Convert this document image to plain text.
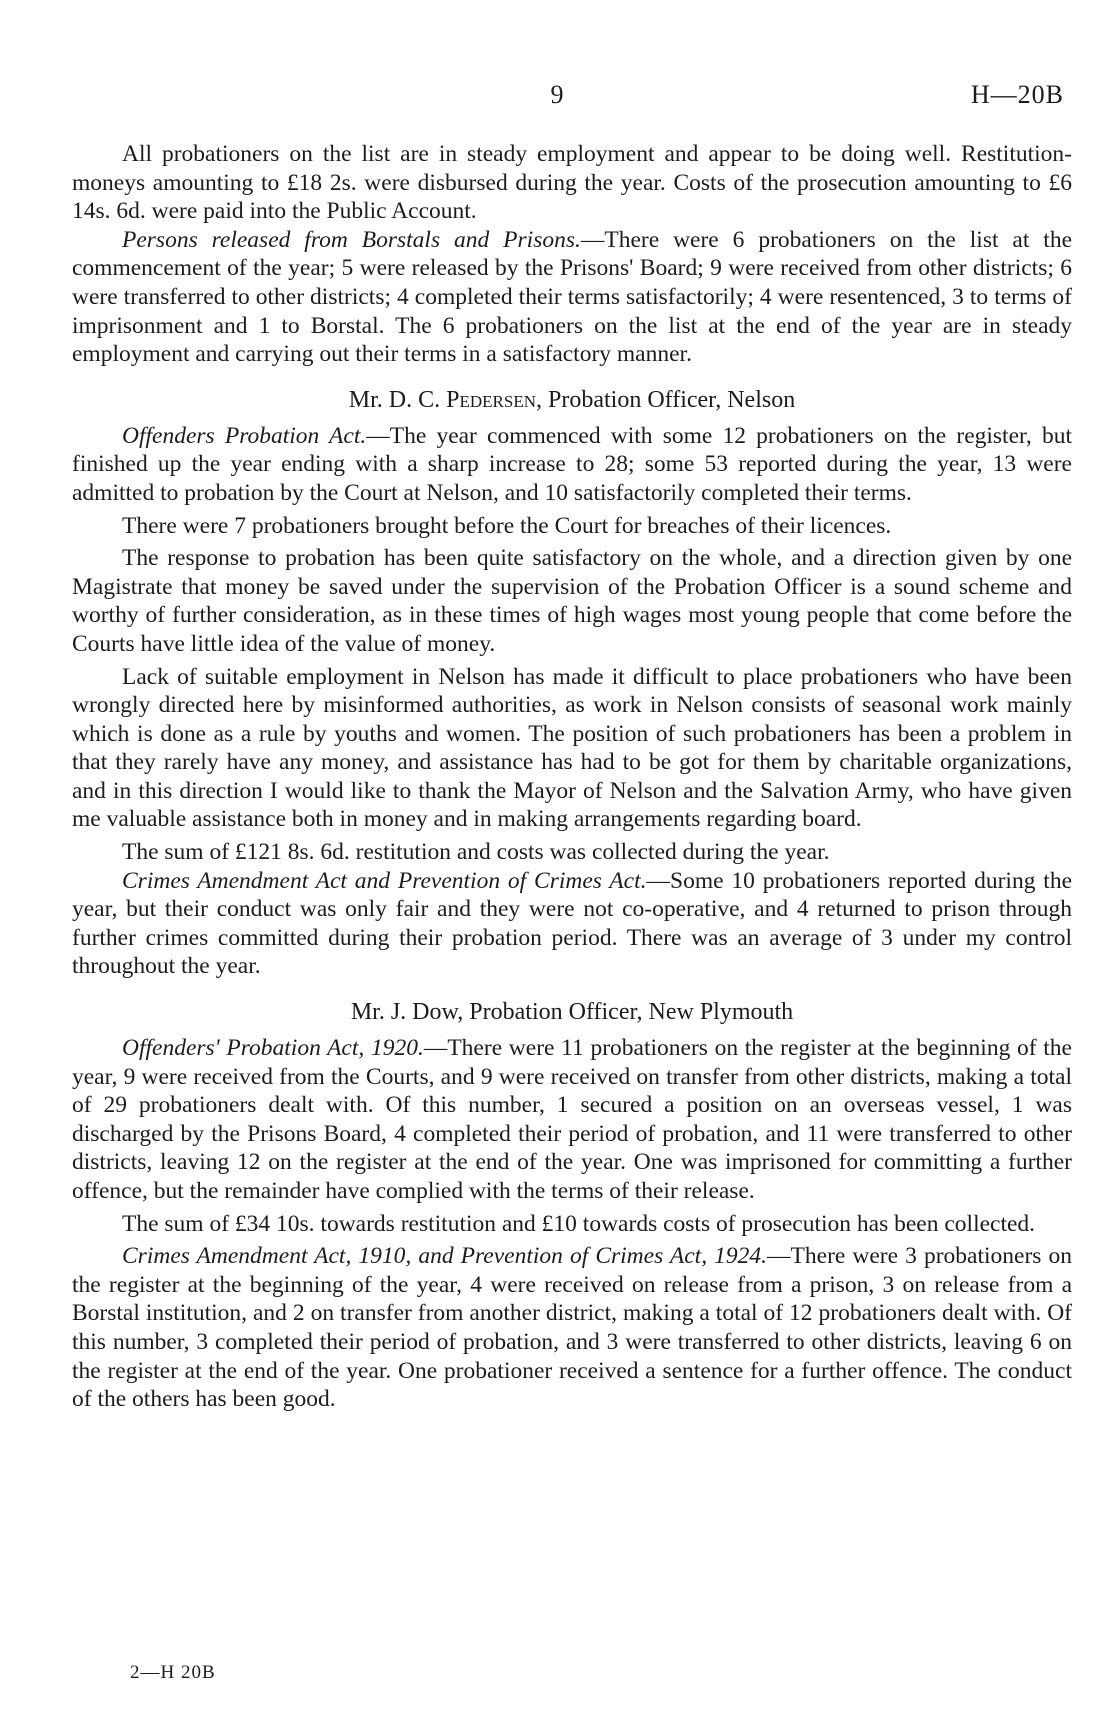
9	H—20B

All probationers on the list are in steady employment and appear to be doing well. Restitution-moneys amounting to £18 2s. were disbursed during the year. Costs of the prosecution amounting to £6 14s. 6d. were paid into the Public Account.

Persons released from Borstals and Prisons.—There were 6 probationers on the list at the commencement of the year; 5 were released by the Prisons' Board; 9 were received from other districts; 6 were transferred to other districts; 4 completed their terms satisfactorily; 4 were resentenced, 3 to terms of imprisonment and 1 to Borstal. The 6 probationers on the list at the end of the year are in steady employment and carrying out their terms in a satisfactory manner.

Mr. D. C. Pedersen, Probation Officer, Nelson

Offenders Probation Act.—The year commenced with some 12 probationers on the register, but finished up the year ending with a sharp increase to 28; some 53 reported during the year, 13 were admitted to probation by the Court at Nelson, and 10 satisfactorily completed their terms.

There were 7 probationers brought before the Court for breaches of their licences.

The response to probation has been quite satisfactory on the whole, and a direction given by one Magistrate that money be saved under the supervision of the Probation Officer is a sound scheme and worthy of further consideration, as in these times of high wages most young people that come before the Courts have little idea of the value of money.

Lack of suitable employment in Nelson has made it difficult to place probationers who have been wrongly directed here by misinformed authorities, as work in Nelson consists of seasonal work mainly which is done as a rule by youths and women. The position of such probationers has been a problem in that they rarely have any money, and assistance has had to be got for them by charitable organizations, and in this direction I would like to thank the Mayor of Nelson and the Salvation Army, who have given me valuable assistance both in money and in making arrangements regarding board.

The sum of £121 8s. 6d. restitution and costs was collected during the year.

Crimes Amendment Act and Prevention of Crimes Act.—Some 10 probationers reported during the year, but their conduct was only fair and they were not co-operative, and 4 returned to prison through further crimes committed during their probation period. There was an average of 3 under my control throughout the year.

Mr. J. Dow, Probation Officer, New Plymouth

Offenders' Probation Act, 1920.—There were 11 probationers on the register at the beginning of the year, 9 were received from the Courts, and 9 were received on transfer from other districts, making a total of 29 probationers dealt with. Of this number, 1 secured a position on an overseas vessel, 1 was discharged by the Prisons Board, 4 completed their period of probation, and 11 were transferred to other districts, leaving 12 on the register at the end of the year. One was imprisoned for committing a further offence, but the remainder have complied with the terms of their release.

The sum of £34 10s. towards restitution and £10 towards costs of prosecution has been collected.

Crimes Amendment Act, 1910, and Prevention of Crimes Act, 1924.—There were 3 probationers on the register at the beginning of the year, 4 were received on release from a prison, 3 on release from a Borstal institution, and 2 on transfer from another district, making a total of 12 probationers dealt with. Of this number, 3 completed their period of probation, and 3 were transferred to other districts, leaving 6 on the register at the end of the year. One probationer received a sentence for a further offence. The conduct of the others has been good.

2—H 20B
